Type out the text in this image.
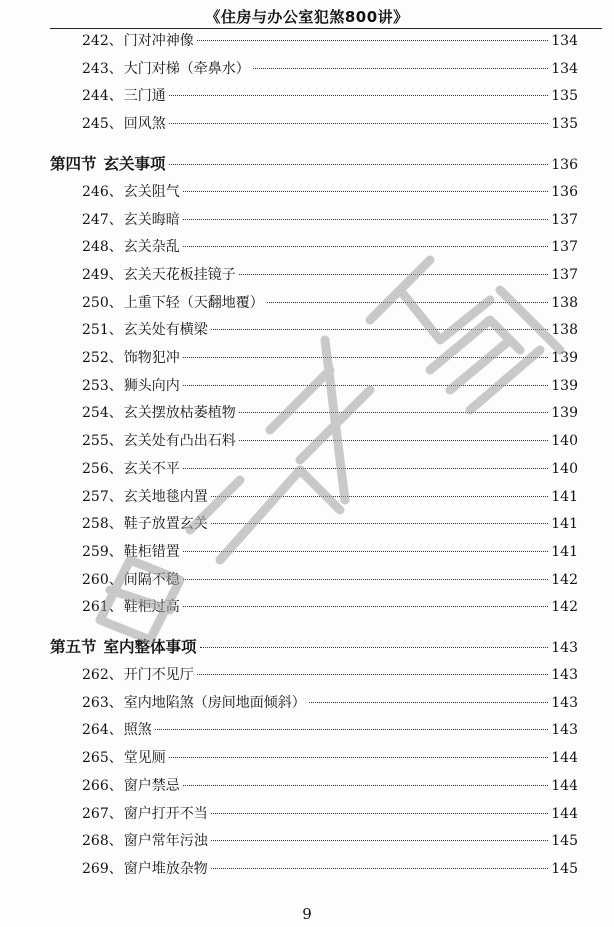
《住房与办公室犯煞800讲》
242、 门对冲神像	134
243、 大门对梯（牵鼻水）	134
244、 三门通	135
245、 回风煞	135
第四节 玄关事项	136
246、 玄关阻气	136
247、 玄关晦暗	137
248、 玄关杂乱	137
249、 玄关天花板挂镜子	137
250、 上重下轻（天翻地覆）	138
251、 玄关处有横梁	138
252、 饰物犯冲	139
253、 狮头向内	139
254、 玄关摆放枯萎植物	139
255、 玄关处有凸出石料	140
256、 玄关不平	140
257、 玄关地毯内置	141
258、 鞋子放置玄关	141
259、 鞋柜错置	141
260、 间隔不稳	142
261、 鞋柜过高	142
第五节 室内整体事项	143
262、 开门不见厅	143
263、 室内地陷煞（房间地面倾斜）	143
264、 照煞	143
265、 堂见厕	144
266、 窗户禁忌	144
267、 窗户打开不当	144
268、 窗户常年污浊	145
269、 窗户堆放杂物	145
9
